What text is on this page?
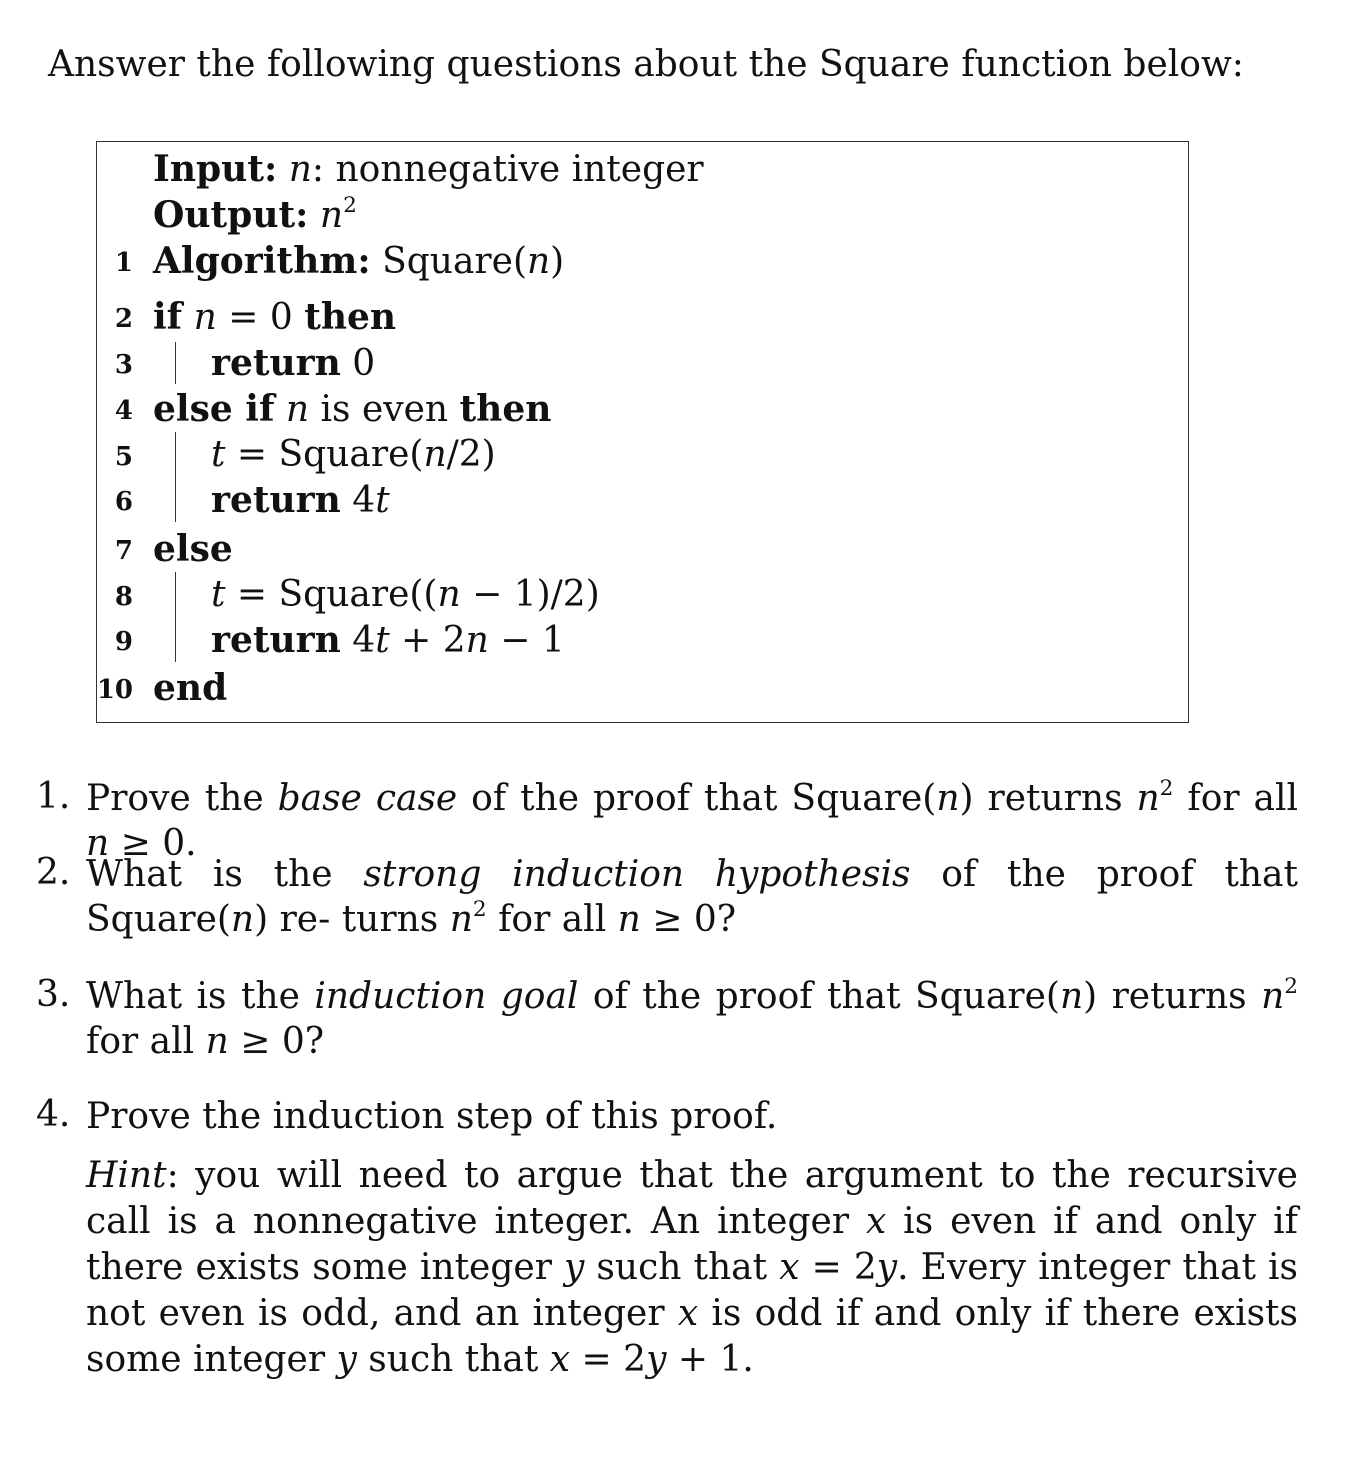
Answer the following questions about the Square function below:
Input: n: nonnegative integer
Output: $n^2$
1 Algorithm: Square(n)
2 if n = 0 then
3 return 0
4 else if n is even then
5 t = Square(n/2)
6 return 4t
7 else
8 t = Square((n − 1)/2)
9 return 4t + 2n − 1
10 end
1. Prove the base case of the proof that Square(n) returns $n^2$ for all n ≥ 0.
2. What is the strong induction hypothesis of the proof that Square(n) re- turns $n^2$ for all n ≥ 0?
3. What is the induction goal of the proof that Square(n) returns $n^2$ for all n ≥ 0?
4. Prove the induction step of this proof.
Hint: you will need to argue that the argument to the recursive call is a nonnegative integer. An integer x is even if and only if there exists some integer y such that x = 2y. Every integer that is not even is odd, and an integer x is odd if and only if there exists some integer y such that x = 2y + 1.
